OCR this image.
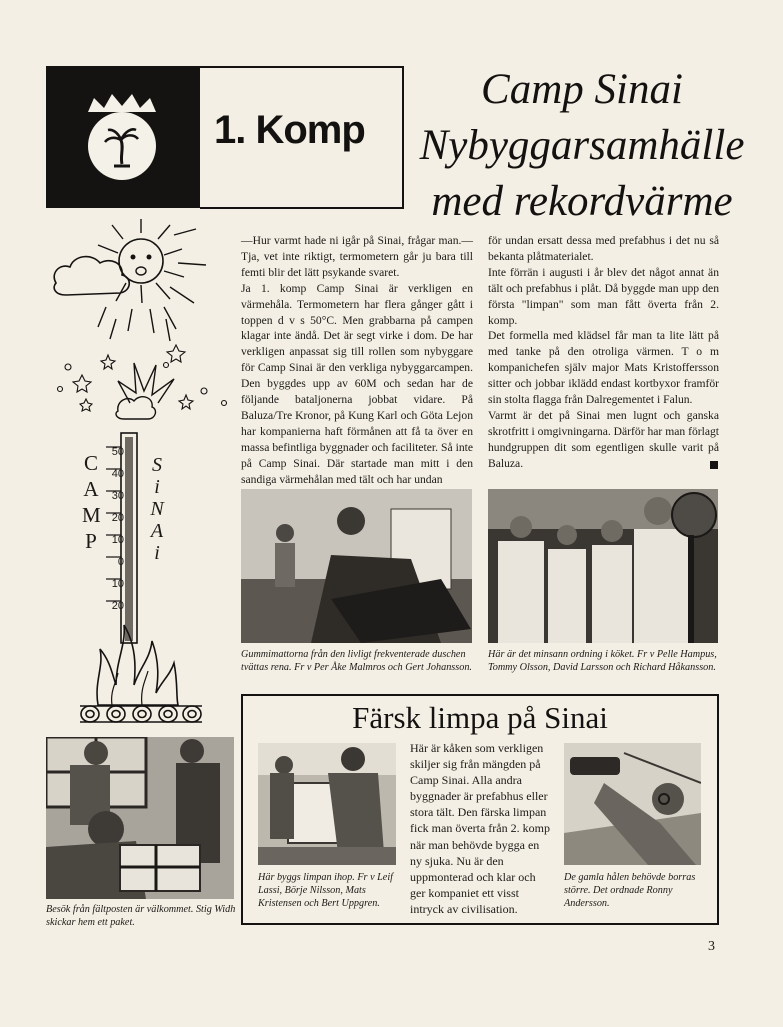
1. Komp
Camp Sinai
Nybyggarsamhälle
med rekordvärme
50
40
30
20
10
0
10
20
C
A
M
P
S
i
N
A
i
—Hur varmt hade ni igår på Sinai, frågar man.—Tja, vet inte riktigt, termometern går ju bara till femti blir det lätt psykande svaret.
Ja 1. komp Camp Sinai är verkligen en värmehåla. Termometern har flera gånger gått i toppen d v s 50°C. Men grabbarna på campen klagar inte ändå. Det är segt virke i dom. De har verkligen anpassat sig till rollen som nybyggare för Camp Sinai är den verkliga nybyggarcampen. Den byggdes upp av 60M och sedan har de följande bataljonerna jobbat vidare. På Baluza/Tre Kronor, på Kung Karl och Göta Lejon har kompanierna haft förmånen att få ta över en massa befintliga byggnader och faciliteter. Så inte på Camp Sinai. Där startade man mitt i den sandiga värmehålan med tält och har undan
för undan ersatt dessa med prefabhus i det nu så bekanta plåtmaterialet.
Inte förrän i augusti i år blev det något annat än tält och prefabhus i plåt. Då byggde man upp den första "limpan" som man fått överta från 2. komp.
Det formella med klädsel får man ta lite lätt på med tanke på den otroliga värmen. T o m kompanichefen själv major Mats Kristoffersson sitter och jobbar iklädd endast kortbyxor framför sin stolta flagga från Dalregementet i Falun.
Varmt är det på Sinai men lugnt och ganska skrotfritt i omgivningarna. Därför har man förlagt hundgruppen dit som egentligen skulle varit på Baluza.
Gummimattorna från den livligt frekventerade duschen tvättas rena. Fr v Per Åke Malmros och Gert Johansson.
Här är det minsann ordning i köket. Fr v Pelle Hampus, Tommy Olsson, David Larsson och Richard Håkansson.
Besök från fältposten är välkommet. Stig Widh skickar hem ett paket.
Färsk limpa på Sinai
Här byggs limpan ihop. Fr v Leif Lassi, Börje Nilsson, Mats Kristensen och Bert Uppgren.
Här är kåken som verkligen skiljer sig från mängden på Camp Sinai. Alla andra byggnader är prefabhus eller stora tält. Den färska limpan fick man överta från 2. komp när man behövde bygga en ny sjuka. Nu är den uppmonterad och klar och ger kompaniet ett visst intryck av civilisation.
De gamla hålen behövde borras större. Det ordnade Ronny Andersson.
3
